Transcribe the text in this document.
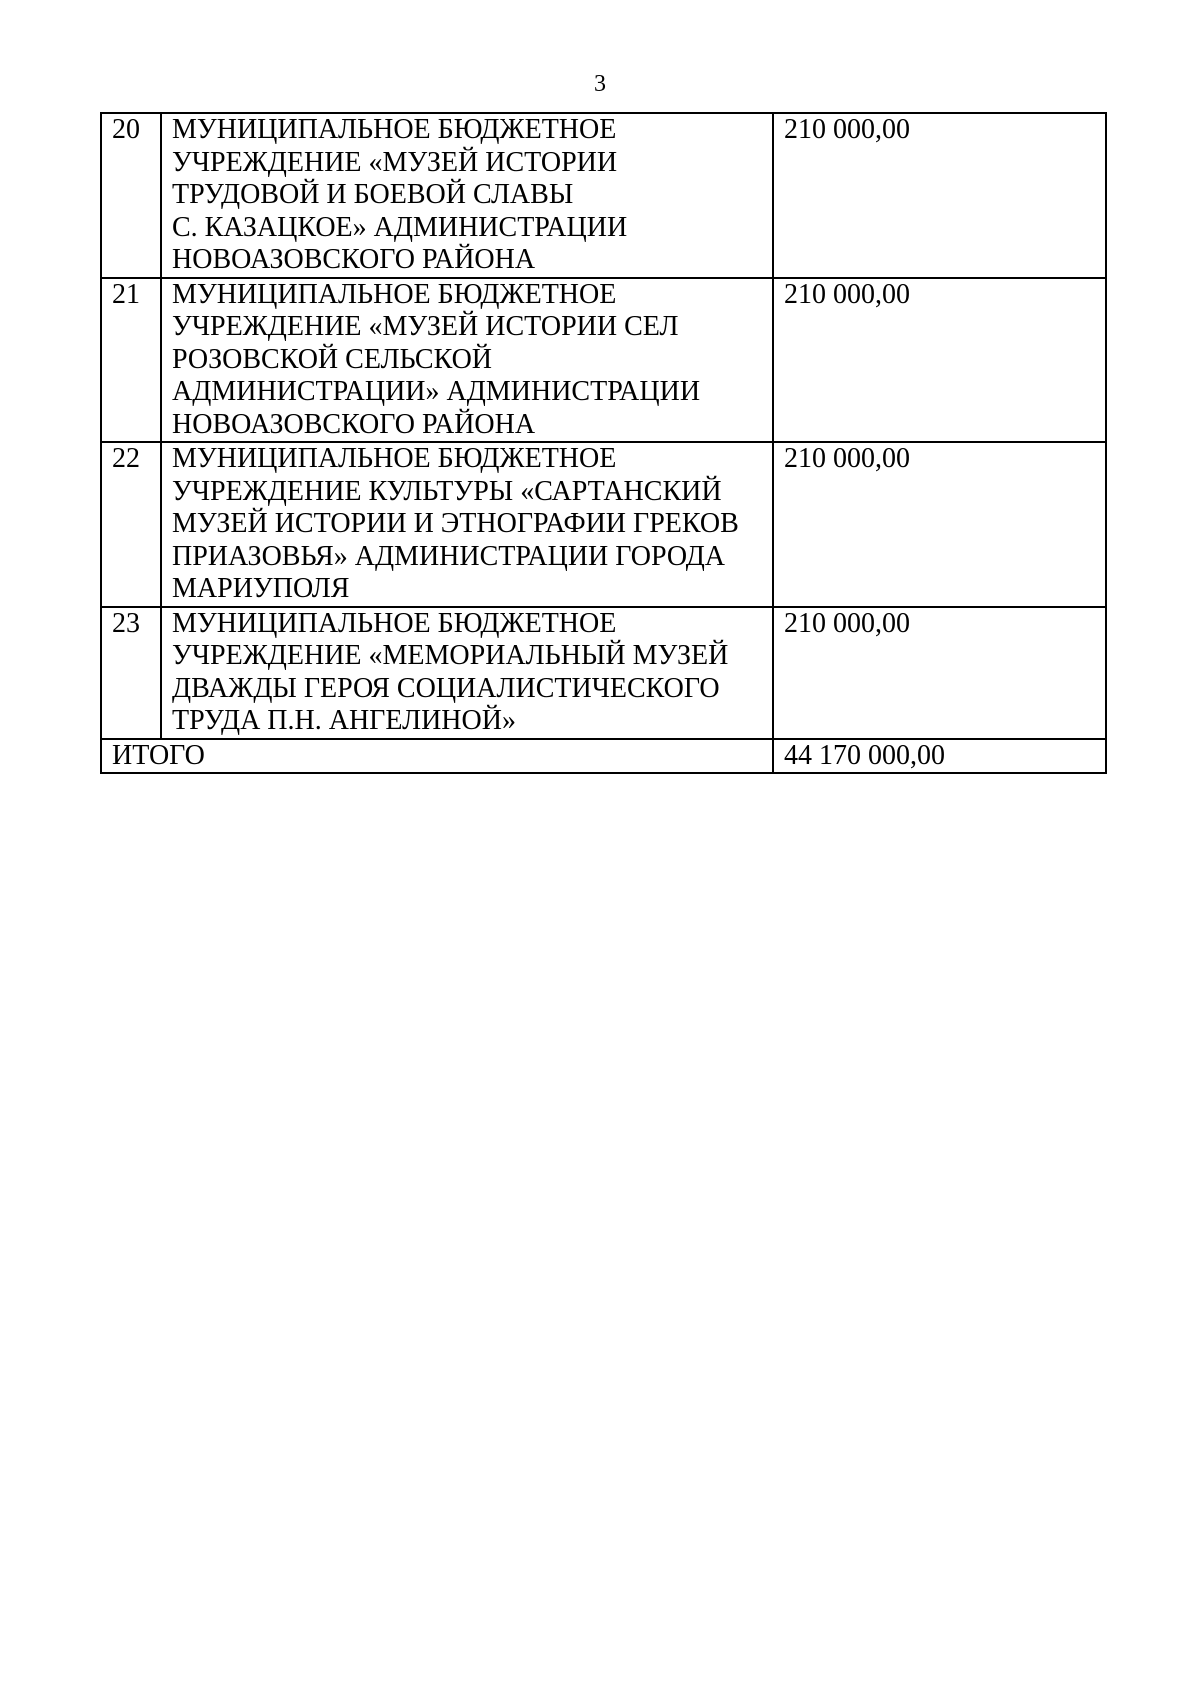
3
20	МУНИЦИПАЛЬНОЕ БЮДЖЕТНОЕ
УЧРЕЖДЕНИЕ «МУЗЕЙ ИСТОРИИ
ТРУДОВОЙ И БОЕВОЙ СЛАВЫ
С. КАЗАЦКОЕ» АДМИНИСТРАЦИИ
НОВОАЗОВСКОГО РАЙОНА	210 000,00
21	МУНИЦИПАЛЬНОЕ БЮДЖЕТНОЕ
УЧРЕЖДЕНИЕ «МУЗЕЙ ИСТОРИИ СЕЛ
РОЗОВСКОЙ СЕЛЬСКОЙ
АДМИНИСТРАЦИИ» АДМИНИСТРАЦИИ
НОВОАЗОВСКОГО РАЙОНА	210 000,00
22	МУНИЦИПАЛЬНОЕ БЮДЖЕТНОЕ
УЧРЕЖДЕНИЕ КУЛЬТУРЫ «САРТАНСКИЙ
МУЗЕЙ ИСТОРИИ И ЭТНОГРАФИИ ГРЕКОВ
ПРИАЗОВЬЯ» АДМИНИСТРАЦИИ ГОРОДА
МАРИУПОЛЯ	210 000,00
23	МУНИЦИПАЛЬНОЕ БЮДЖЕТНОЕ
УЧРЕЖДЕНИЕ «МЕМОРИАЛЬНЫЙ МУЗЕЙ
ДВАЖДЫ ГЕРОЯ СОЦИАЛИСТИЧЕСКОГО
ТРУДА П.Н. АНГЕЛИНОЙ»	210 000,00
ИТОГО		44 170 000,00
